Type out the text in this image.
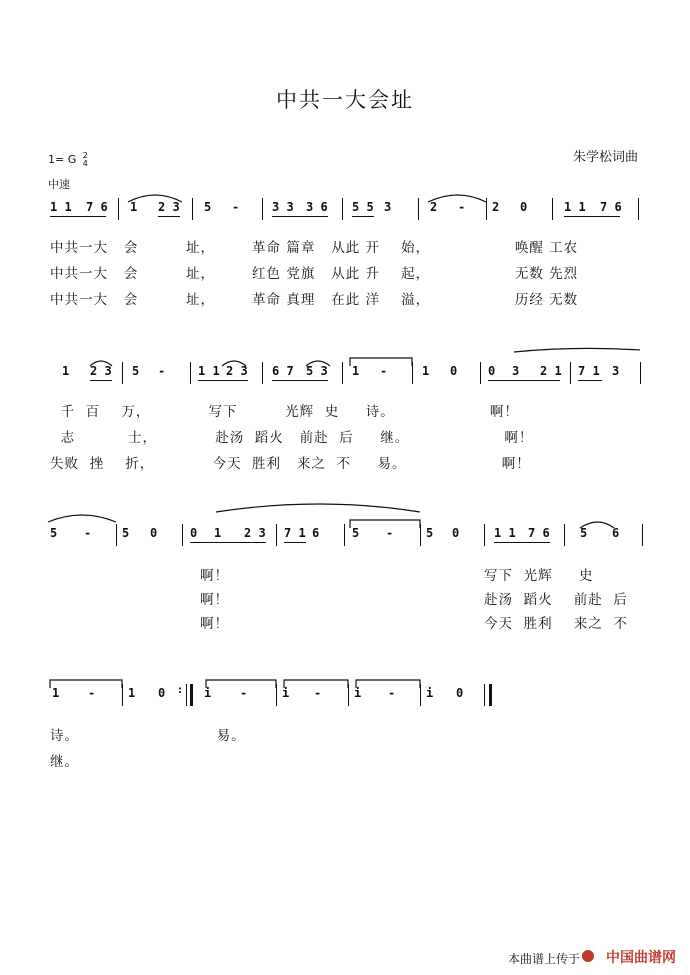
中共一大会址
1= G 2
4
中速
朱学松词曲
1 1 7 6 1 2 3 5 -	3 3 3 6 5 5 3	2 - 2 0	1 1 7 6
中共一大   会         址，       革命 篇章   从此 开    始，                唤醒 工农
中共一大   会         址，       红色 党旗   从此 升    起，                无数 先烈
中共一大   会         址，       革命 真理   在此 洋    溢，                历经 无数
1 2 3 5 -	1 1 2 3 6 7 5 3 1 -	1 0	0 3 2 1 7 1 3
千  百    万，           写下         光辉  史     诗。                  啊！
志          士，           赴汤  蹈火   前赴  后     继。                  啊！
失败  挫    折，           今天  胜利   来之  不     易。                  啊！
5 -	5 0	0 1 2 3 7 1 6	5 -	5 0	1 1 7 6	5 6
啊！
啊！
啊！
写下  光辉     史
赴汤  蹈火    前赴  后
今天  胜利    来之  不
1 -	1 0 : i -	i -	i -	i 0
诗。                          易。
继。
本曲谱上传于 中国曲谱网
